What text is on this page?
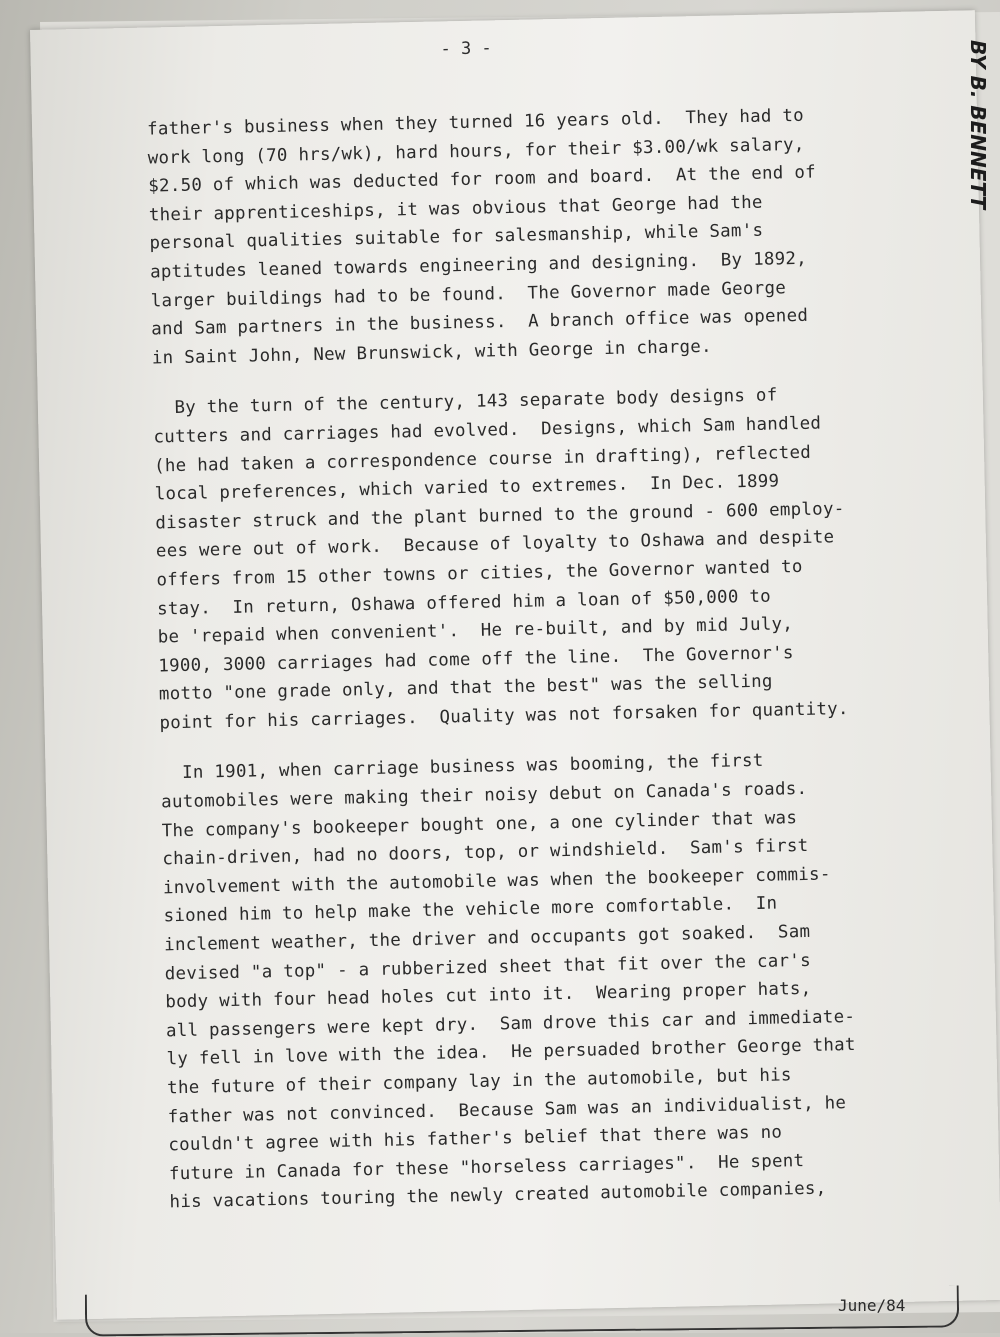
- 3 -
father's business when they turned 16 years old.  They had to
work long (70 hrs/wk), hard hours, for their $3.00/wk salary,
$2.50 of which was deducted for room and board.  At the end of
their apprenticeships, it was obvious that George had the
personal qualities suitable for salesmanship, while Sam's
aptitudes leaned towards engineering and designing.  By 1892,
larger buildings had to be found.  The Governor made George
and Sam partners in the business.  A branch office was opened
in Saint John, New Brunswick, with George in charge.
By the turn of the century, 143 separate body designs of
cutters and carriages had evolved.  Designs, which Sam handled
(he had taken a correspondence course in drafting), reflected
local preferences, which varied to extremes.  In Dec. 1899
disaster struck and the plant burned to the ground - 600 employ-
ees were out of work.  Because of loyalty to Oshawa and despite
offers from 15 other towns or cities, the Governor wanted to
stay.  In return, Oshawa offered him a loan of $50,000 to
be 'repaid when convenient'.  He re-built, and by mid July,
1900, 3000 carriages had come off the line.  The Governor's
motto "one grade only, and that the best" was the selling
point for his carriages.  Quality was not forsaken for quantity.
In 1901, when carriage business was booming, the first
automobiles were making their noisy debut on Canada's roads.
The company's bookeeper bought one, a one cylinder that was
chain-driven, had no doors, top, or windshield.  Sam's first
involvement with the automobile was when the bookeeper commis-
sioned him to help make the vehicle more comfortable.  In
inclement weather, the driver and occupants got soaked.  Sam
devised "a top" - a rubberized sheet that fit over the car's
body with four head holes cut into it.  Wearing proper hats,
all passengers were kept dry.  Sam drove this car and immediate-
ly fell in love with the idea.  He persuaded brother George that
the future of their company lay in the automobile, but his
father was not convinced.  Because Sam was an individualist, he
couldn't agree with his father's belief that there was no
future in Canada for these "horseless carriages".  He spent
his vacations touring the newly created automobile companies,
BY B. BENNETT
June/84
